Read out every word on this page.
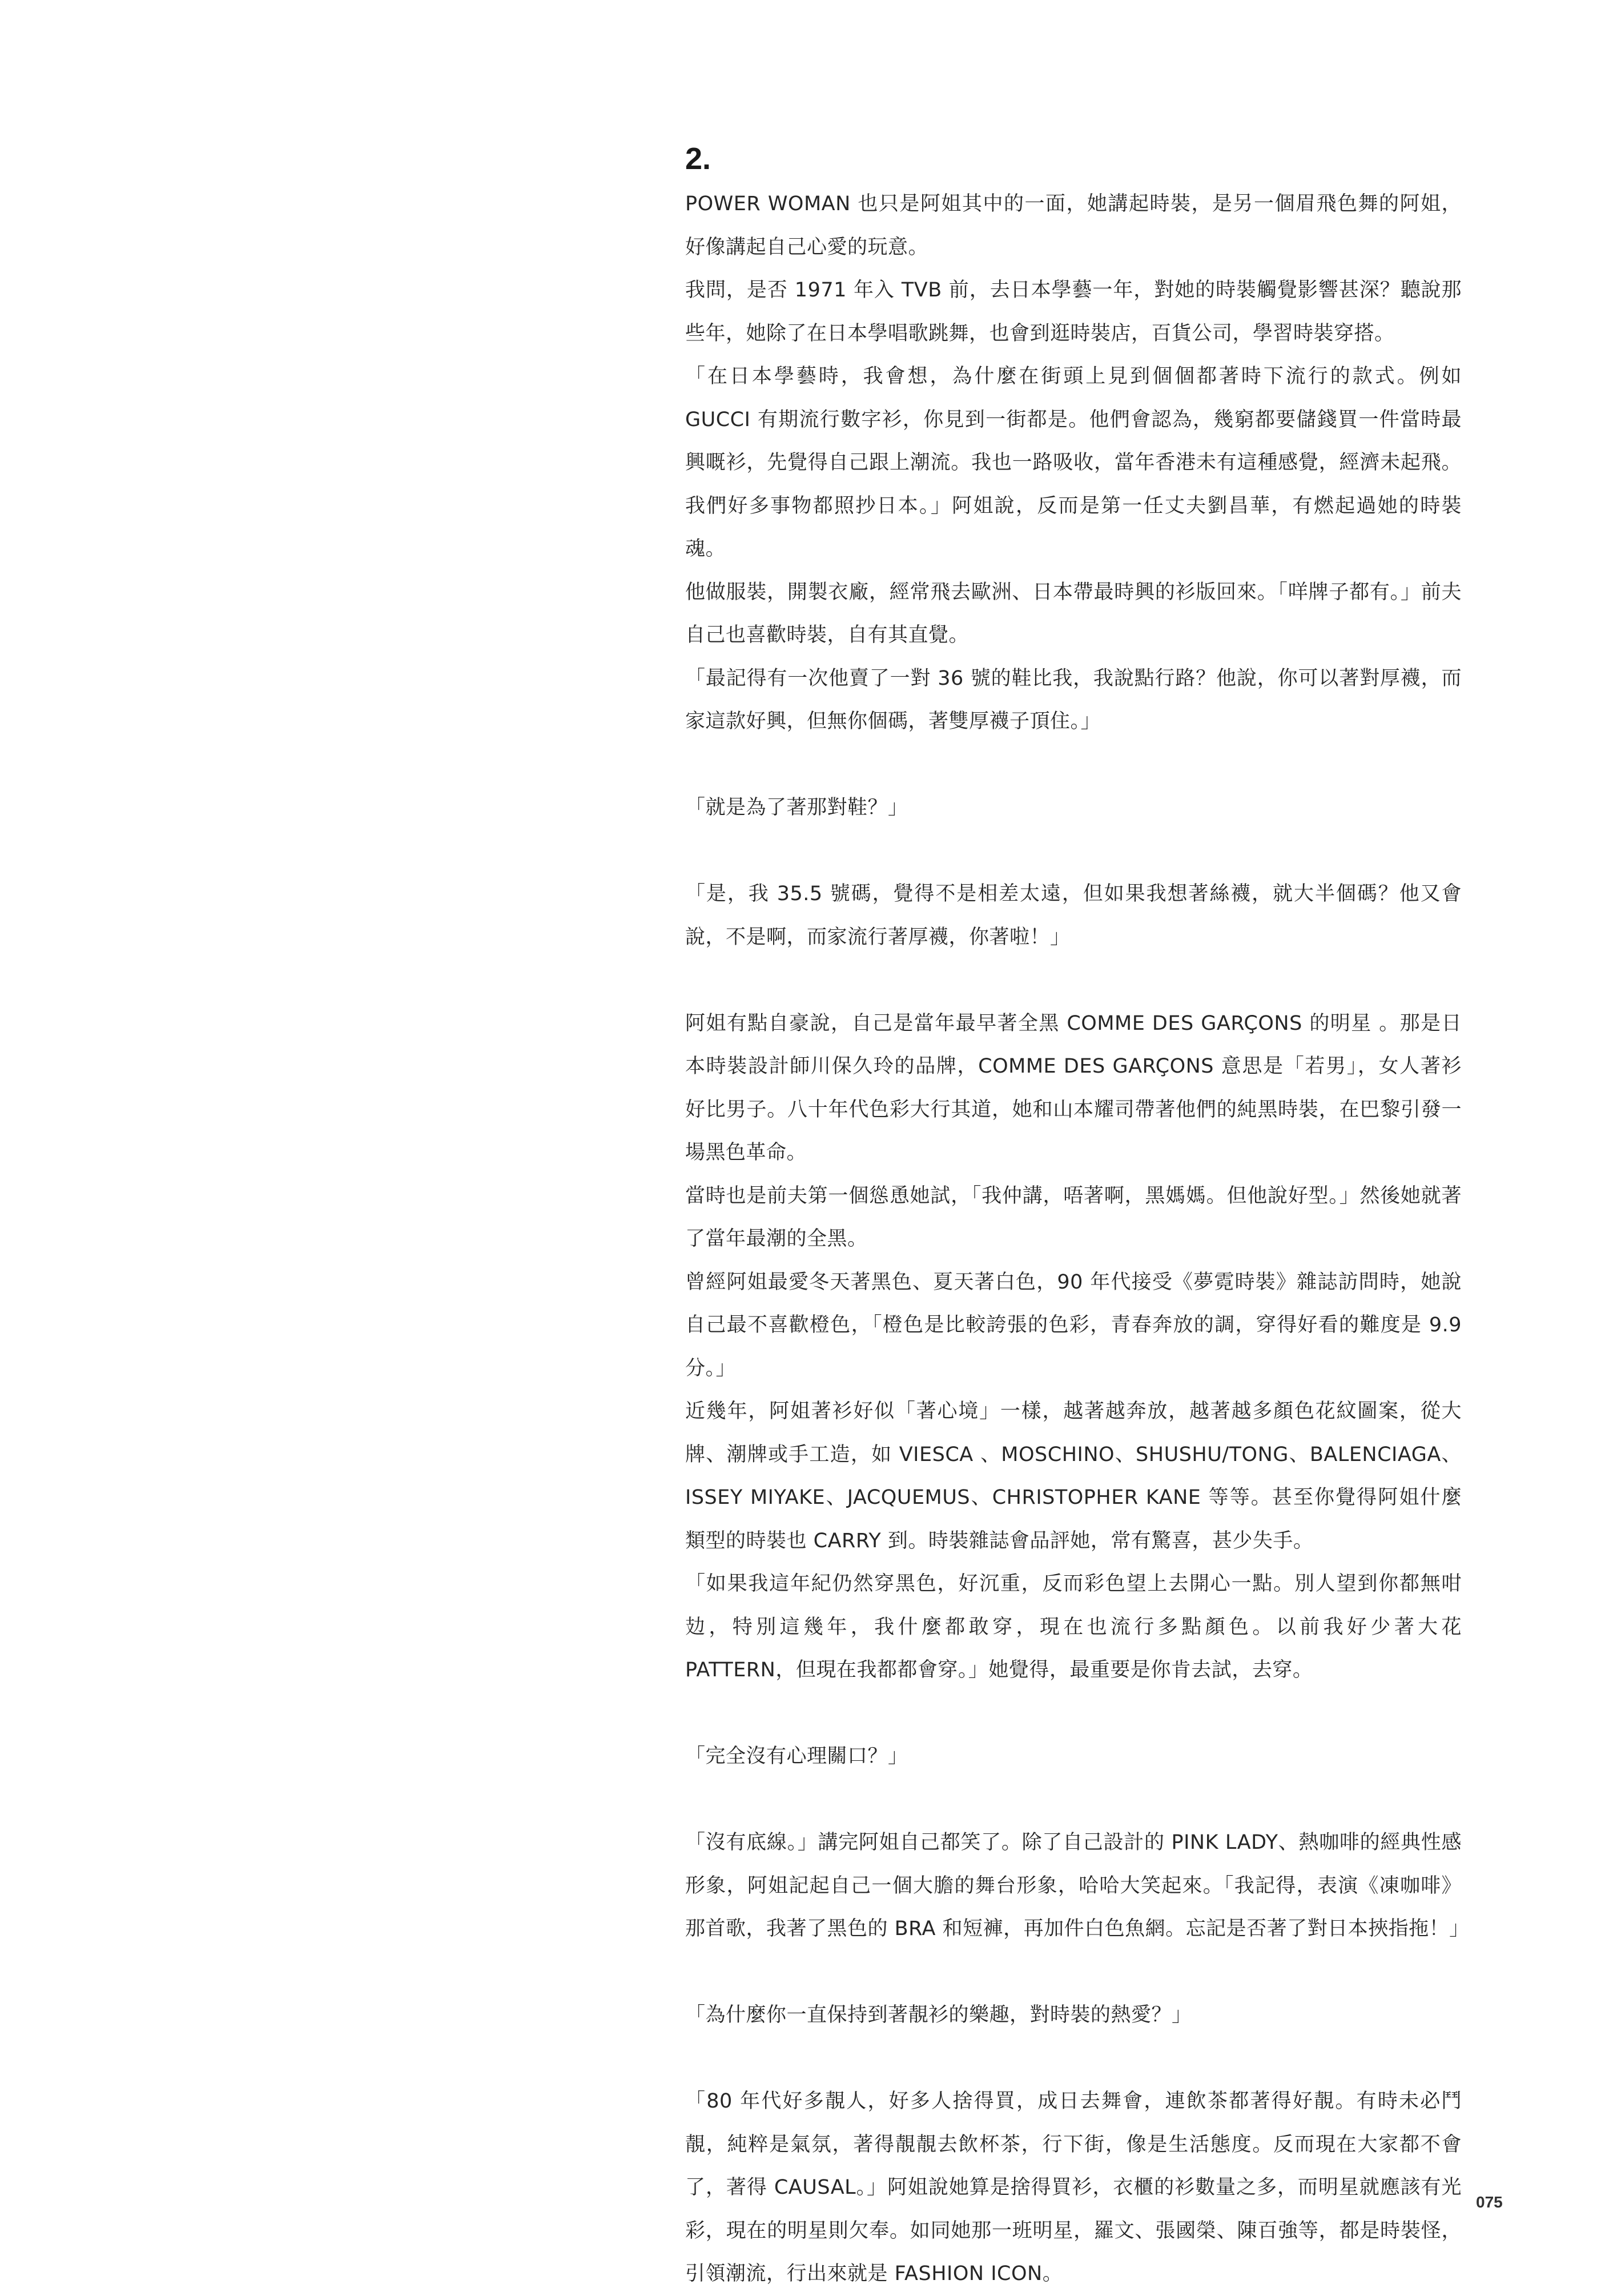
2.

POWER WOMAN 也只是阿姐其中的一面，她講起時裝，是另一個眉飛色舞的阿姐，好像講起自己心愛的玩意。

我問，是否 1971 年入 TVB 前，去日本學藝一年，對她的時裝觸覺影響甚深？聽說那些年，她除了在日本學唱歌跳舞，也會到逛時裝店，百貨公司，學習時裝穿搭。

「在日本學藝時，我會想，為什麼在街頭上見到個個都著時下流行的款式。例如 GUCCI 有期流行數字衫，你見到一街都是。他們會認為，幾窮都要儲錢買一件當時最興嘅衫，先覺得自己跟上潮流。我也一路吸收，當年香港未有這種感覺，經濟未起飛。我們好多事物都照抄日本。」阿姐說，反而是第一任丈夫劉昌華，有燃起過她的時裝魂。

他做服裝，開製衣廠，經常飛去歐洲、日本帶最時興的衫版回來。「咩牌子都有。」前夫自己也喜歡時裝，自有其直覺。

「最記得有一次他賣了一對 36 號的鞋比我，我說點行路？他說，你可以著對厚襪，而家這款好興，但無你個碼，著雙厚襪子頂住。」

「就是為了著那對鞋？」

「是，我 35.5 號碼，覺得不是相差太遠，但如果我想著絲襪，就大半個碼？他又會說，不是啊，而家流行著厚襪，你著啦！」

阿姐有點自豪說，自己是當年最早著全黑 COMME DES GARÇONS 的明星 。那是日本時裝設計師川保久玲的品牌，COMME DES GARÇONS 意思是「若男」，女人著衫好比男子。八十年代色彩大行其道，她和山本耀司帶著他們的純黑時裝，在巴黎引發一場黑色革命。

當時也是前夫第一個慫恿她試，「我仲講，唔著啊，黑媽媽。但他說好型。」然後她就著了當年最潮的全黑。

曾經阿姐最愛冬天著黑色、夏天著白色，90 年代接受《夢霓時裝》雜誌訪問時，她說自己最不喜歡橙色，「橙色是比較誇張的色彩，青春奔放的調，穿得好看的難度是 9.9 分。」

近幾年，阿姐著衫好似「著心境」一樣，越著越奔放，越著越多顏色花紋圖案，從大牌、潮牌或手工造，如 VIESCA 、MOSCHINO、SHUSHU/TONG、BALENCIAGA、ISSEY MIYAKE、JACQUEMUS、CHRISTOPHER KANE 等等。甚至你覺得阿姐什麼類型的時裝也 CARRY 到。時裝雜誌會品評她，常有驚喜，甚少失手。

「如果我這年紀仍然穿黑色，好沉重，反而彩色望上去開心一點。別人望到你都無咁攰，特別這幾年，我什麼都敢穿，現在也流行多點顏色。以前我好少著大花 PATTERN，但現在我都都會穿。」她覺得，最重要是你肯去試，去穿。

「完全沒有心理關口？」

「沒有底線。」講完阿姐自己都笑了。除了自己設計的 PINK LADY、熱咖啡的經典性感形象，阿姐記起自己一個大膽的舞台形象，哈哈大笑起來。「我記得，表演《凍咖啡》那首歌，我著了黑色的 BRA 和短褲，再加件白色魚網。忘記是否著了對日本挾指拖！」

「為什麼你一直保持到著靚衫的樂趣，對時裝的熱愛？」

「80 年代好多靚人，好多人捨得買，成日去舞會，連飲茶都著得好靚。有時未必鬥靚，純粹是氣氛，著得靚靚去飲杯茶，行下街，像是生活態度。反而現在大家都不會了，著得 CAUSAL。」阿姐說她算是捨得買衫，衣櫃的衫數量之多，而明星就應該有光彩，現在的明星則欠奉。如同她那一班明星，羅文、張國榮、陳百強等，都是時裝怪，引領潮流，行出來就是 FASHION ICON。

075
